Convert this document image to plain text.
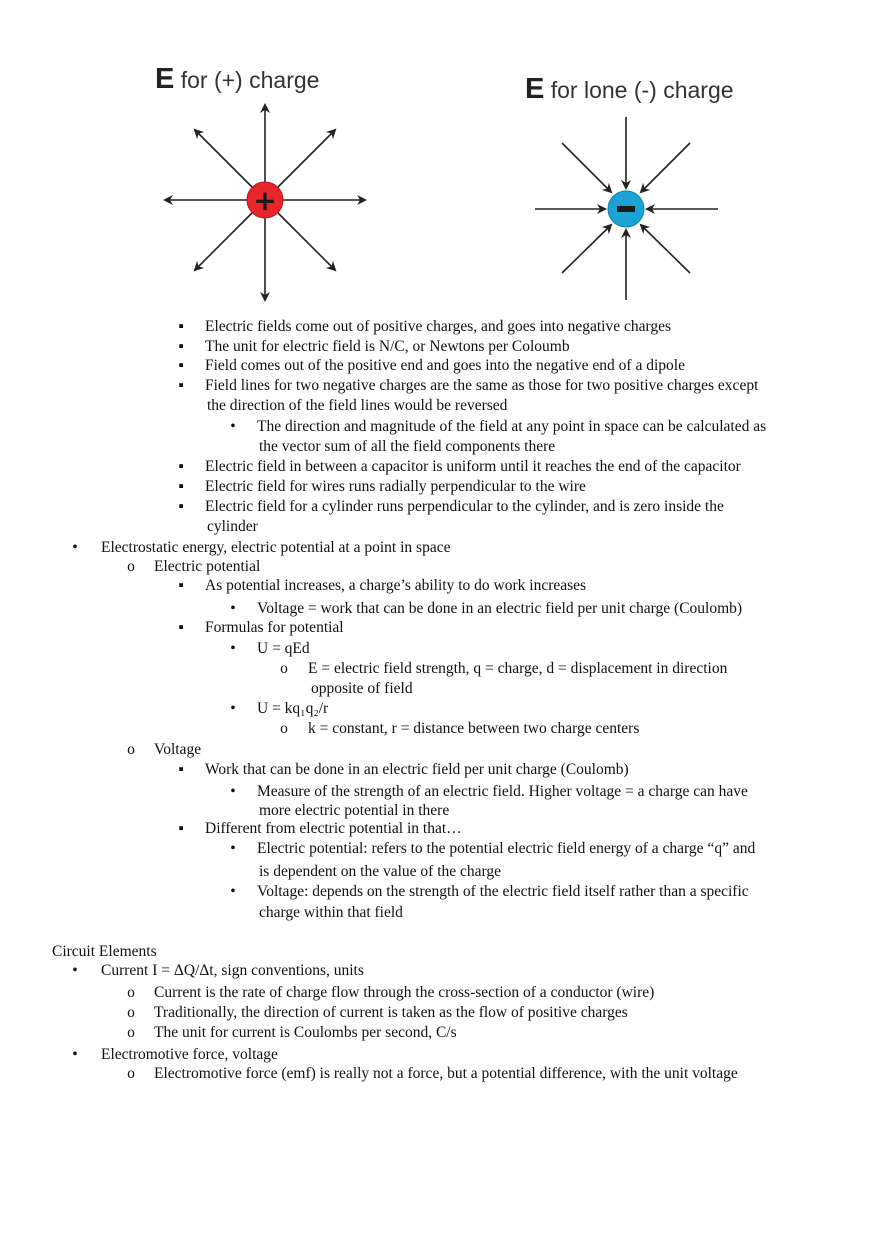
E for (+) charge
+
E for lone (-) charge
▪ Electric fields come out of positive charges, and goes into negative charges
▪ The unit for electric field is N/C, or Newtons per Coloumb
▪ Field comes out of the positive end and goes into the negative end of a dipole
▪ Field lines for two negative charges are the same as those for two positive charges except
the direction of the field lines would be reversed
• The direction and magnitude of the field at any point in space can be calculated as
the vector sum of all the field components there
▪ Electric field in between a capacitor is uniform until it reaches the end of the capacitor
▪ Electric field for wires runs radially perpendicular to the wire
▪ Electric field for a cylinder runs perpendicular to the cylinder, and is zero inside the
cylinder
• Electrostatic energy, electric potential at a point in space
o Electric potential
▪ As potential increases, a charge’s ability to do work increases
• Voltage = work that can be done in an electric field per unit charge (Coulomb)
▪ Formulas for potential
• U = qEd
o E = electric field strength, q = charge, d = displacement in direction
opposite of field
• U = kq₁q₂/r
o k = constant, r = distance between two charge centers
o Voltage
▪ Work that can be done in an electric field per unit charge (Coulomb)
• Measure of the strength of an electric field. Higher voltage = a charge can have
more electric potential in there
▪ Different from electric potential in that…
• Electric potential: refers to the potential electric field energy of a charge “q” and
is dependent on the value of the charge
• Voltage: depends on the strength of the electric field itself rather than a specific
charge within that field
Circuit Elements
• Current I = ΔQ/Δt, sign conventions, units
o Current is the rate of charge flow through the cross-section of a conductor (wire)
o Traditionally, the direction of current is taken as the flow of positive charges
o The unit for current is Coulombs per second, C/s
• Electromotive force, voltage
o Electromotive force (emf) is really not a force, but a potential difference, with the unit voltage
